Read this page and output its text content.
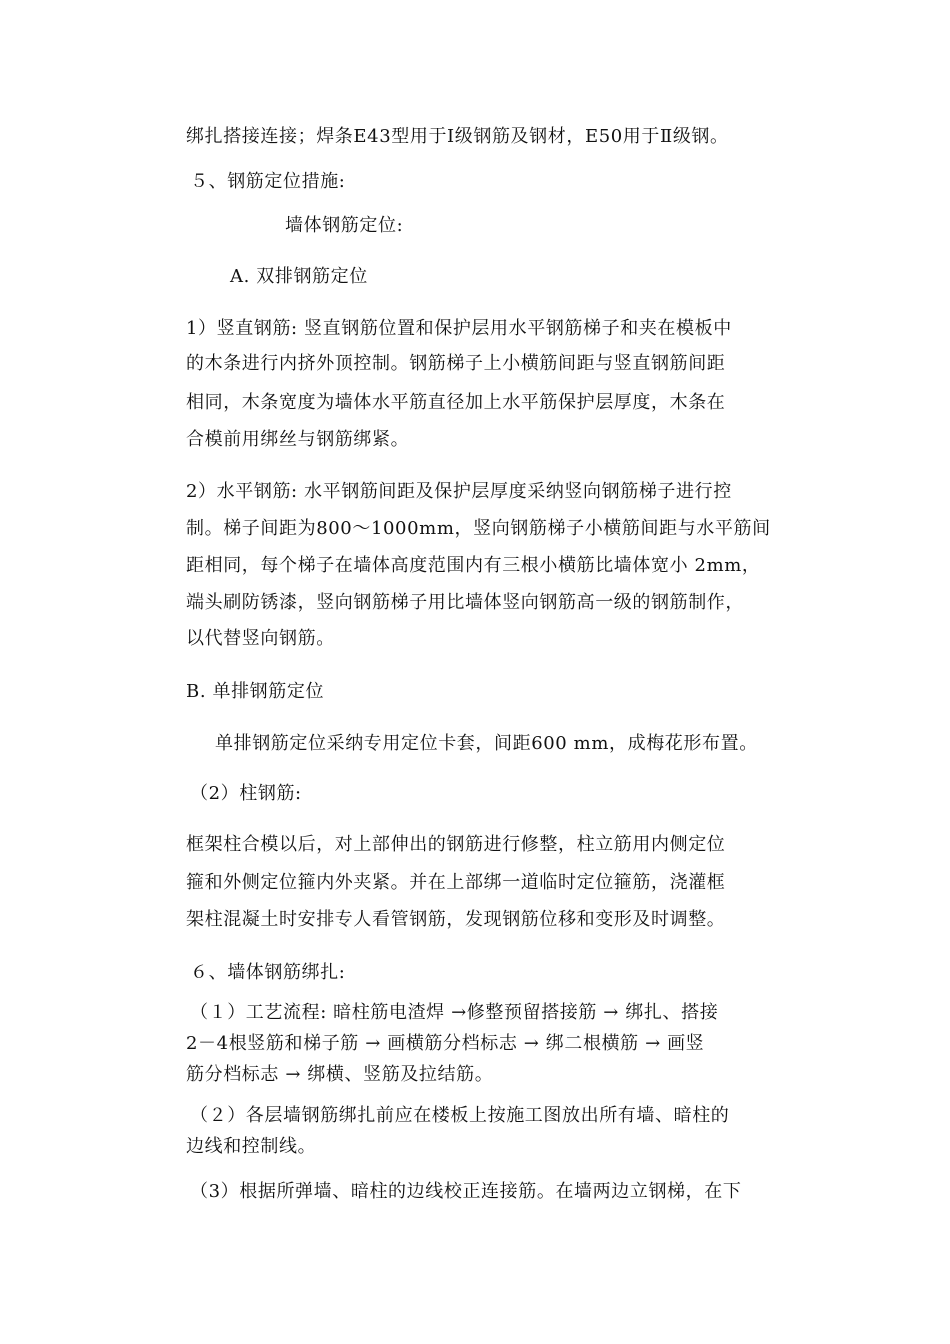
绑扎搭接连接；焊条E43型用于Ⅰ级钢筋及钢材，E50用于Ⅱ级钢。
５、钢筋定位措施:
墙体钢筋定位:
A. 双排钢筋定位
1）竖直钢筋: 竖直钢筋位置和保护层用水平钢筋梯子和夹在模板中
的木条进行内挤外顶控制。钢筋梯子上小横筋间距与竖直钢筋间距
相同，木条宽度为墙体水平筋直径加上水平筋保护层厚度，木条在
合模前用绑丝与钢筋绑紧。
2）水平钢筋: 水平钢筋间距及保护层厚度采纳竖向钢筋梯子进行控
制。梯子间距为800～1000mm，竖向钢筋梯子小横筋间距与水平筋间
距相同，每个梯子在墙体高度范围内有三根小横筋比墙体宽小 2mm，
端头刷防锈漆，竖向钢筋梯子用比墙体竖向钢筋高一级的钢筋制作，
以代替竖向钢筋。
B. 单排钢筋定位
单排钢筋定位采纳专用定位卡套，间距600 mm，成梅花形布置。
（2）柱钢筋:
框架柱合模以后，对上部伸出的钢筋进行修整，柱立筋用内侧定位
箍和外侧定位箍内外夹紧。并在上部绑一道临时定位箍筋，浇灌框
架柱混凝土时安排专人看管钢筋，发现钢筋位移和变形及时调整。
６、墙体钢筋绑扎:
（１）工艺流程: 暗柱筋电渣焊 →修整预留搭接筋 → 绑扎、搭接
2－4根竖筋和梯子筋 → 画横筋分档标志 → 绑二根横筋 → 画竖
筋分档标志 → 绑横、竖筋及拉结筋。
（２）各层墙钢筋绑扎前应在楼板上按施工图放出所有墙、暗柱的
边线和控制线。
（3）根据所弹墙、暗柱的边线校正连接筋。在墙两边立钢梯，在下
